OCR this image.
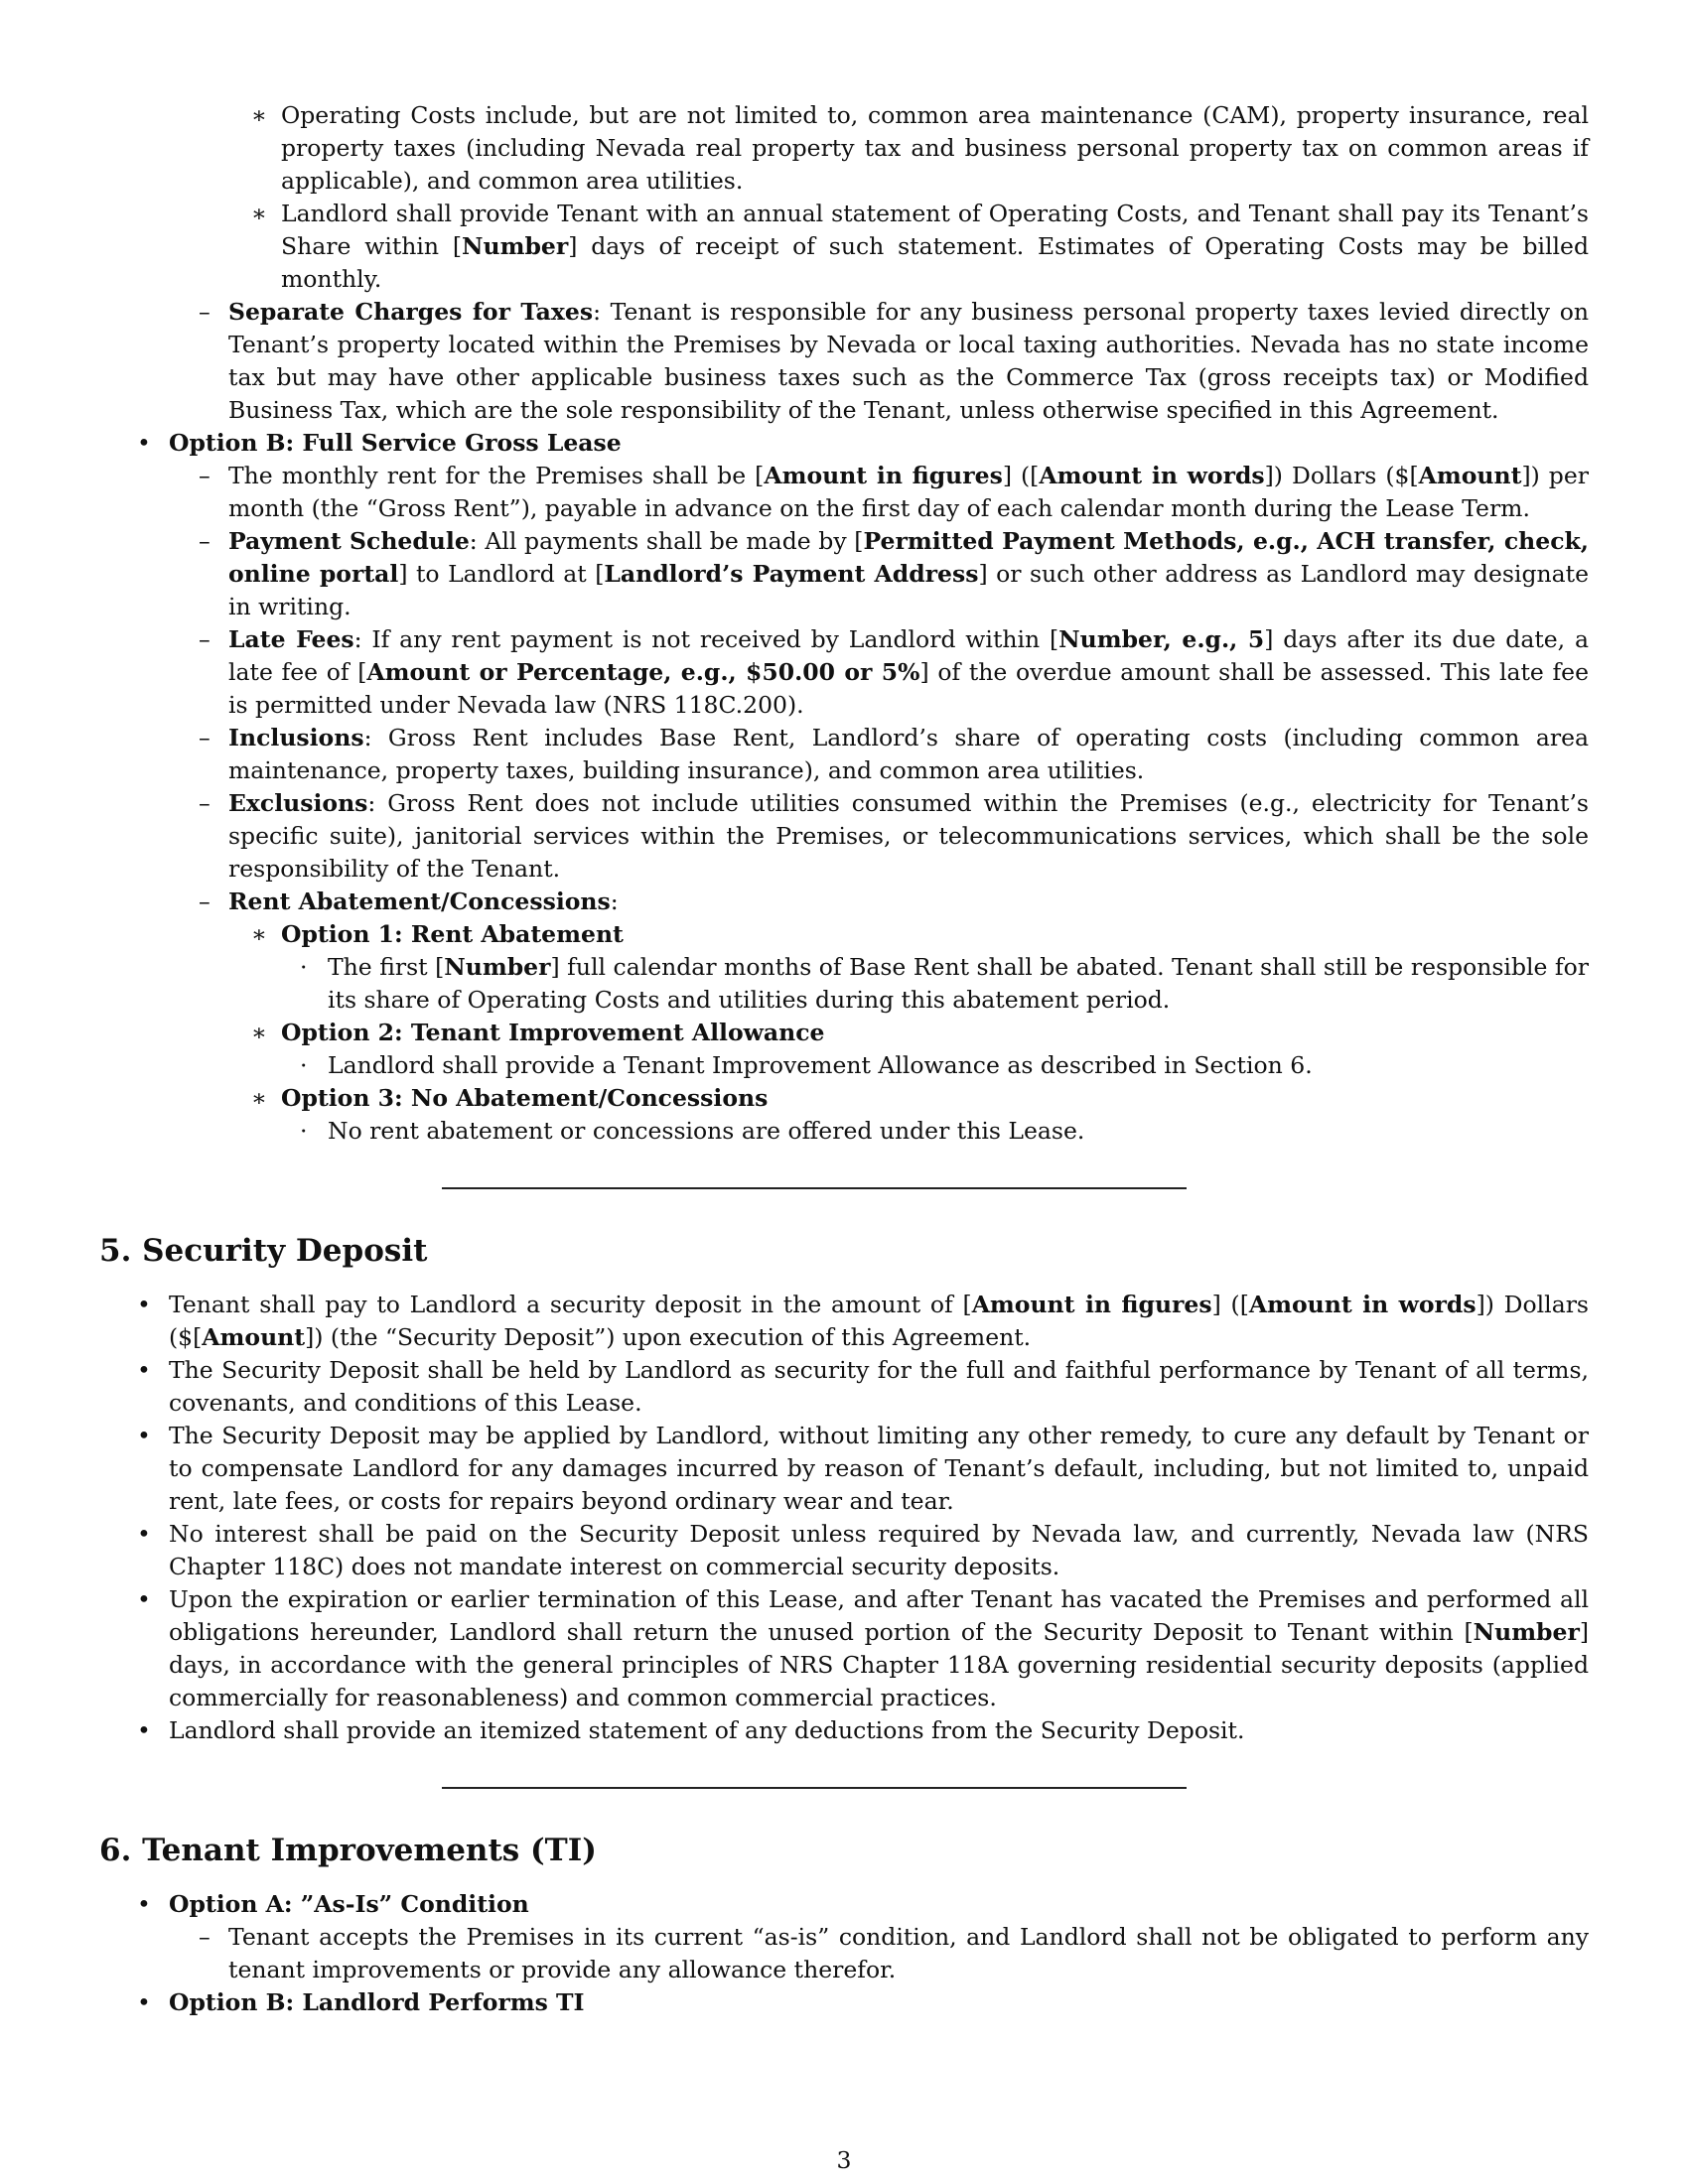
∗ Operating Costs include, but are not limited to, common area maintenance (CAM), property insurance, real property taxes (including Nevada real property tax and business personal property tax on common areas if applicable), and common area utilities.
∗ Landlord shall provide Tenant with an annual statement of Operating Costs, and Tenant shall pay its Tenant’s Share within [Number] days of receipt of such statement. Estimates of Operating Costs may be billed monthly.
– Separate Charges for Taxes: Tenant is responsible for any business personal property taxes levied directly on Tenant’s property located within the Premises by Nevada or local taxing authorities. Nevada has no state income tax but may have other applicable business taxes such as the Commerce Tax (gross receipts tax) or Modified Business Tax, which are the sole responsibility of the Tenant, unless otherwise specified in this Agreement.
• Option B: Full Service Gross Lease
– The monthly rent for the Premises shall be [Amount in figures] ([Amount in words]) Dollars ($[Amount]) per month (the “Gross Rent”), payable in advance on the first day of each calendar month during the Lease Term.
– Payment Schedule: All payments shall be made by [Permitted Payment Methods, e.g., ACH transfer, check, online portal] to Landlord at [Landlord’s Payment Address] or such other address as Landlord may designate in writing.
– Late Fees: If any rent payment is not received by Landlord within [Number, e.g., 5] days after its due date, a late fee of [Amount or Percentage, e.g., $50.00 or 5%] of the overdue amount shall be assessed. This late fee is permitted under Nevada law (NRS 118C.200).
– Inclusions: Gross Rent includes Base Rent, Landlord’s share of operating costs (including common area maintenance, property taxes, building insurance), and common area utilities.
– Exclusions: Gross Rent does not include utilities consumed within the Premises (e.g., electricity for Tenant’s specific suite), janitorial services within the Premises, or telecommunications services, which shall be the sole responsibility of the Tenant.
– Rent Abatement/Concessions:
∗ Option 1: Rent Abatement
· The first [Number] full calendar months of Base Rent shall be abated. Tenant shall still be responsible for its share of Operating Costs and utilities during this abatement period.
∗ Option 2: Tenant Improvement Allowance
· Landlord shall provide a Tenant Improvement Allowance as described in Section 6.
∗ Option 3: No Abatement/Concessions
· No rent abatement or concessions are offered under this Lease.
5. Security Deposit
• Tenant shall pay to Landlord a security deposit in the amount of [Amount in figures] ([Amount in words]) Dollars ($[Amount]) (the “Security Deposit”) upon execution of this Agreement.
• The Security Deposit shall be held by Landlord as security for the full and faithful performance by Tenant of all terms, covenants, and conditions of this Lease.
• The Security Deposit may be applied by Landlord, without limiting any other remedy, to cure any default by Tenant or to compensate Landlord for any damages incurred by reason of Tenant’s default, including, but not limited to, unpaid rent, late fees, or costs for repairs beyond ordinary wear and tear.
• No interest shall be paid on the Security Deposit unless required by Nevada law, and currently, Nevada law (NRS Chapter 118C) does not mandate interest on commercial security deposits.
• Upon the expiration or earlier termination of this Lease, and after Tenant has vacated the Premises and performed all obligations hereunder, Landlord shall return the unused portion of the Security Deposit to Tenant within [Number] days, in accordance with the general principles of NRS Chapter 118A governing residential security deposits (applied commercially for reasonableness) and common commercial practices.
• Landlord shall provide an itemized statement of any deductions from the Security Deposit.
6. Tenant Improvements (TI)
• Option A: ”As-Is” Condition
– Tenant accepts the Premises in its current “as-is” condition, and Landlord shall not be obligated to perform any tenant improvements or provide any allowance therefor.
• Option B: Landlord Performs TI
3
